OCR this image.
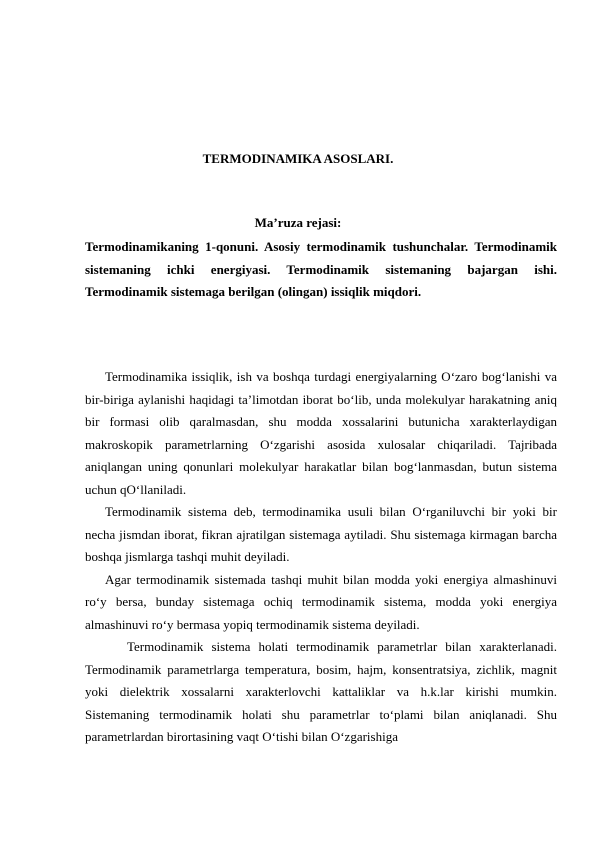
TERMODINAMIKA ASOSLARI.
Ma’ruza rejasi:
Termodinamikaning 1-qonuni. Asosiy termodinamik tushunchalar. Termodinamik sistemaning ichki energiyasi. Termodinamik sistemaning bajargan ishi. Termodinamik sistemaga berilgan (olingan) issiqlik miqdori.

Termodinamika issiqlik, ish va boshqa turdagi energiyalarning O‘zaro bog‘lanishi va bir-biriga aylanishi haqidagi ta’limotdan iborat bo‘lib, unda molekulyar harakatning aniq bir formasi olib qaralmasdan, shu modda xossalarini butunicha xarakterlaydigan makroskopik parametrlarning O‘zgarishi asosida xulosalar chiqariladi. Tajribada aniqlangan uning qonunlari molekulyar harakatlar bilan bog‘lanmasdan, butun sistema uchun qO‘llaniladi.

Termodinamik sistema deb, termodinamika usuli bilan O‘rganiluvchi bir yoki bir necha jismdan iborat, fikran ajratilgan sistemaga aytiladi. Shu sistemaga kirmagan barcha boshqa jismlarga tashqi muhit deyiladi.

Agar termodinamik sistemada tashqi muhit bilan modda yoki energiya almashinuvi ro‘y bersa, bunday sistemaga ochiq termodinamik sistema, modda yoki energiya almashinuvi ro‘y bermasa yopiq termodinamik sistema deyiladi.

Termodinamik sistema holati termodinamik parametrlar bilan xarakterlanadi. Termodinamik parametrlarga temperatura, bosim, hajm, konsentratsiya, zichlik, magnit yoki dielektrik xossalarni xarakterlovchi kattaliklar va h.k.lar kirishi mumkin. Sistemaning termodinamik holati shu parametrlar to‘plami bilan aniqlanadi. Shu parametrlardan birortasining vaqt O‘tishi bilan O‘zgarishiga
